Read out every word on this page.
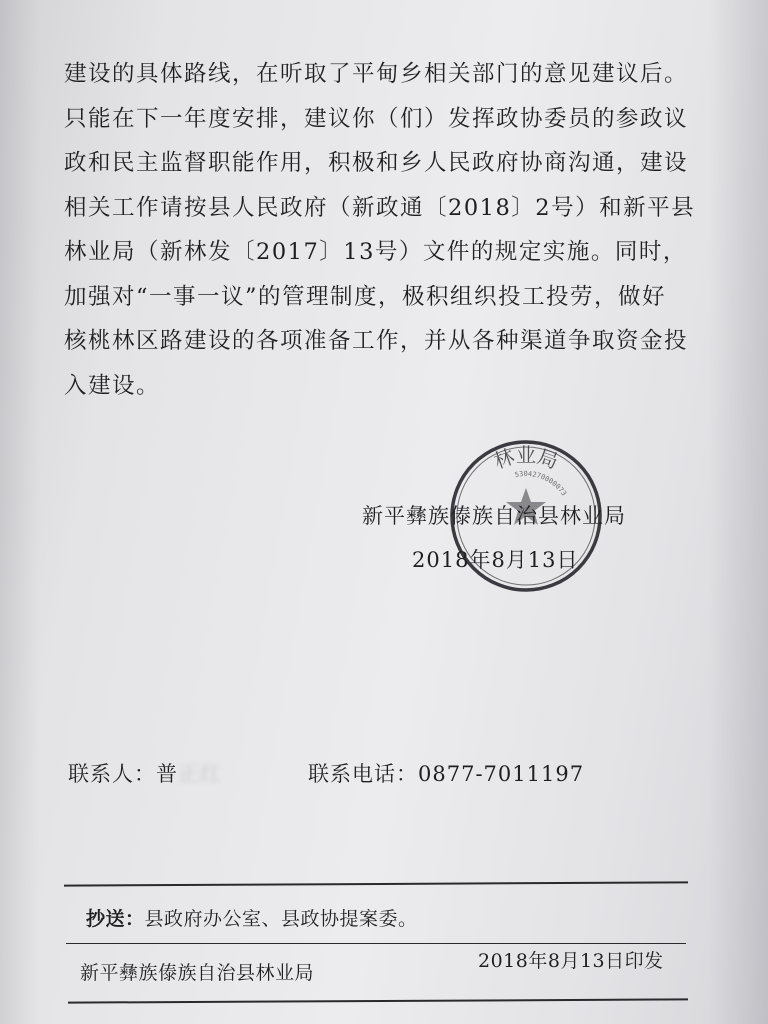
建设的具体路线，在听取了平甸乡相关部门的意见建议后。
只能在下一年度安排，建议你（们）发挥政协委员的参政议
政和民主监督职能作用，积极和乡人民政府协商沟通，建设
相关工作请按县人民政府（新政通〔2018〕2号）和新平县
林业局（新林发〔2017〕13号）文件的规定实施。同时，
加强对“一事一议”的管理制度，极积组织投工投劳，做好
核桃林区路建设的各项准备工作，并从各种渠道争取资金投
入建设。
林业局
5304270000073
新平彝族傣族自治县林业局
2018年8月13日
联系人：普正红	联系电话：0877-7011197
抄送：县政府办公室、县政协提案委。
2018年8月13日印发
新平彝族傣族自治县林业局
